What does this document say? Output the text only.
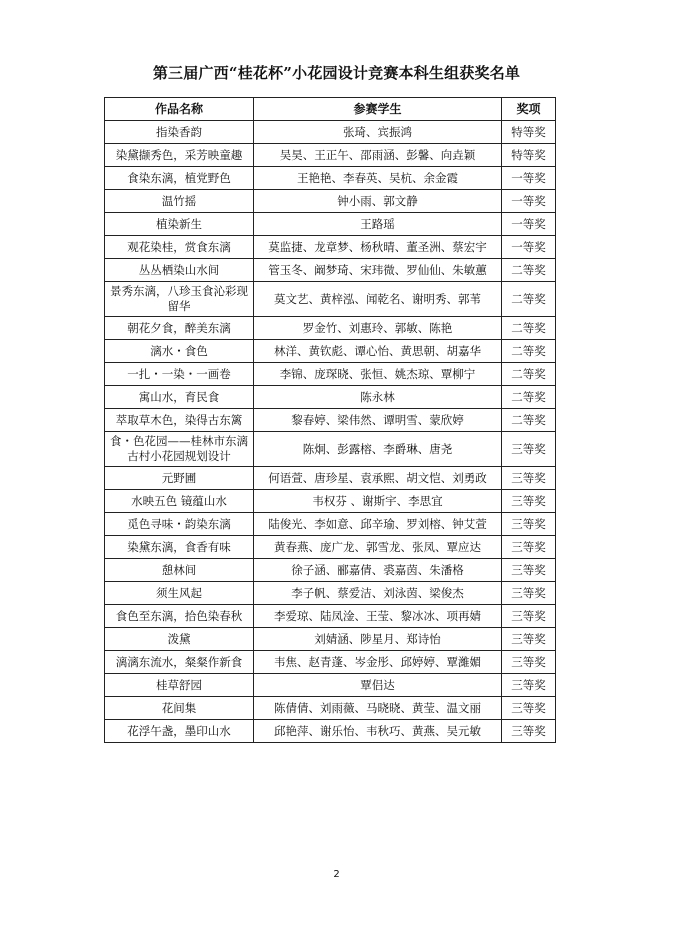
第三届广西“桂花杯”小花园设计竞赛本科生组获奖名单
作品名称	参赛学生	奖项
指染香韵	张琦、宾振鸿	特等奖
染黛撷秀色，采芳映童趣	吴昊、王正午、邵雨涵、彭馨、向垚颖	特等奖
食染东漓，植党野色	王艳艳、李春英、吴杭、余金霞	一等奖
温竹摇	钟小雨、郭文静	一等奖
植染新生	王路瑶	一等奖
观花染桂，赏食东漓	莫监捷、龙章梦、杨秋晴、董圣洲、蔡宏宇	一等奖
丛丛栖染山水间	管玉冬、阚梦琦、宋玮微、罗仙仙、朱敏蕙	二等奖
景秀东漓，八珍玉食沁彩现留华	莫文艺、黄梓泓、闻乾名、谢明秀、郭苇	二等奖
朝花夕食，醉美东漓	罗金竹、刘惠玲、郭敏、陈艳	二等奖
漓水・食色	林洋、黄钦彪、谭心怡、黄思朝、胡嘉华	二等奖
一扎・一染・一画卷	李锦、庞琛晓、张恒、姚杰琼、覃柳宁	二等奖
寓山水，育民食	陈永林	二等奖
萃取草木色，染得古东篱	黎春婷、梁伟然、谭明雪、蒙欣婷	二等奖
食・色花园——桂林市东漓古村小花园规划设计	陈炯、彭露榕、李爵琳、唐尧	三等奖
元野圃	何语萱、唐珍星、袁承熙、胡文恺、刘勇政	三等奖
水映五色 镜蕴山水	韦权芬 、谢斯宇、李思宜	三等奖
觅色寻味・韵染东漓	陆俊光、李如意、邱辛瑜、罗刘榕、钟艾萱	三等奖
染黛东漓，食香有味	黄春燕、庞广龙、郭雪龙、张凤、覃应达	三等奖
憩林间	徐子涵、郦嘉倩、裘嘉茵、朱潘格	三等奖
须生风起	李子帆、蔡爱洁、刘泳茵、梁俊杰	三等奖
食色至东漓，拾色染春秋	李爱琼、陆凤淦、王莹、黎冰冰、项再婧	三等奖
泼黛	刘婧涵、陟星月、郑诗怡	三等奖
漓漓东流水，粲粲作新食	韦焦、赵青蓬、岑金彤、邱婷婷、覃濰媚	三等奖
桂草舒园	覃侣达	三等奖
花间集	陈倩倩、刘雨薇、马晓晓、黄莹、温文丽	三等奖
花浮午盏，墨印山水	邱艳萍、谢乐怡、韦秋巧、黄燕、吴元敏	三等奖
2
